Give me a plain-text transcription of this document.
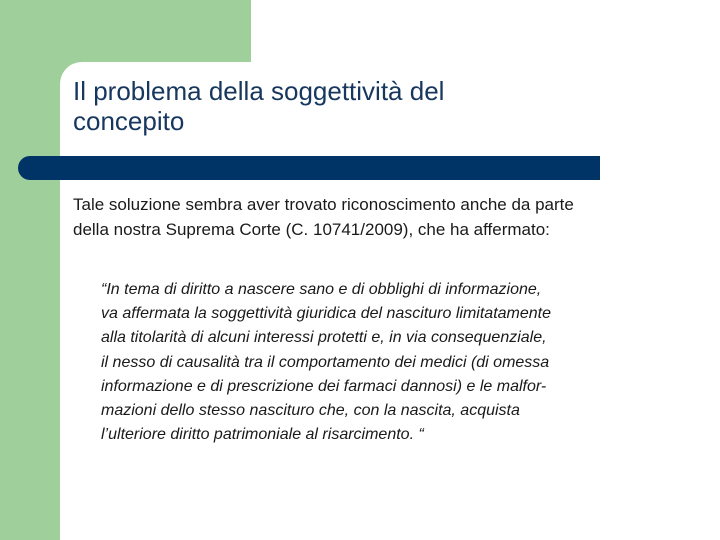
Il problema della soggettività del
concepito

Tale soluzione sembra aver trovato riconoscimento anche da parte
della nostra Suprema Corte (C. 10741/2009), che ha affermato:

“In tema di diritto a nascere sano e di obblighi di informazione,
va affermata la soggettività giuridica del nascituro limitatamente
alla titolarità di alcuni interessi protetti e, in via consequenziale,
il nesso di causalità tra il comportamento dei medici (di omessa
informazione e di prescrizione dei farmaci dannosi) e le malfor-
mazioni dello stesso nascituro che, con la nascita, acquista
l’ulteriore diritto patrimoniale al risarcimento. “
